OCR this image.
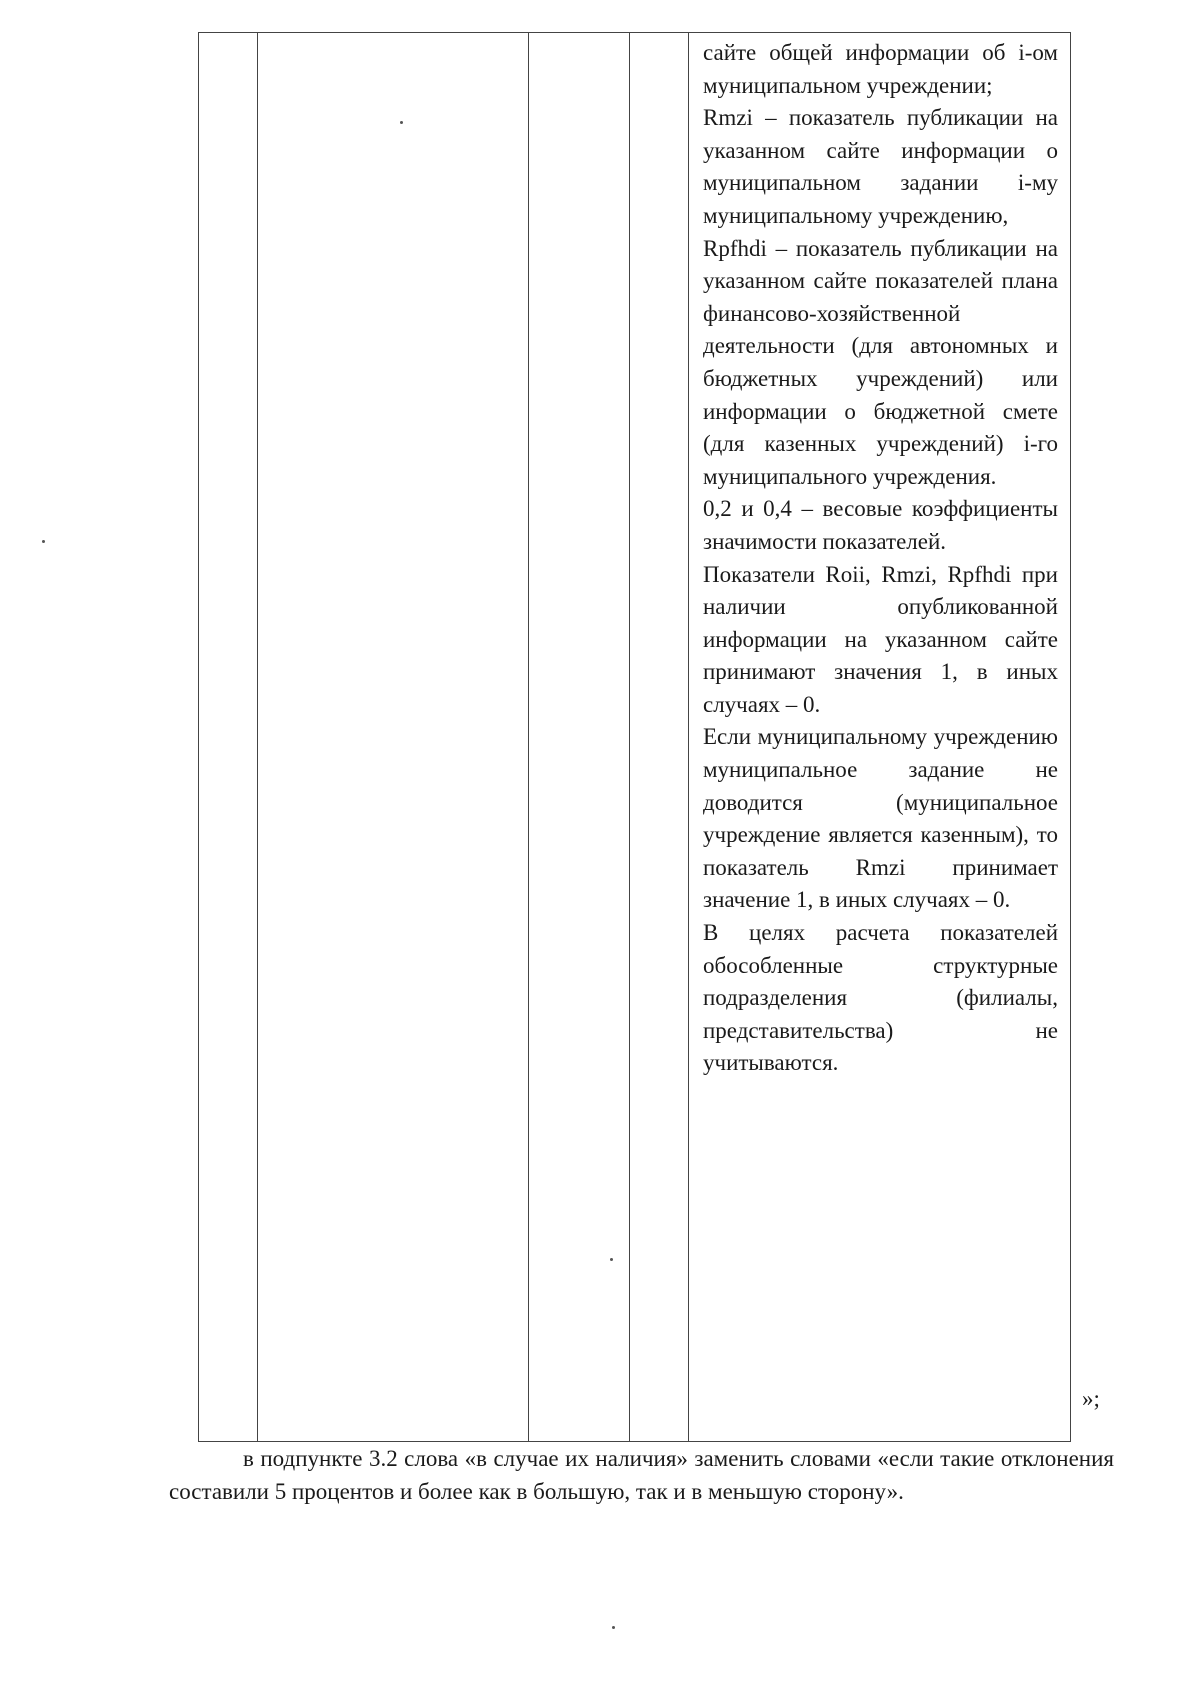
сайте общей информации об i-ом муниципальном учреждении;

Rmzi – показатель публикации на указанном сайте информации о муниципальном задании i-му муниципальному учреждению,

Rpfhdi – показатель публикации на указанном сайте показателей плана финансово-хозяйственной деятельности (для автономных и бюджетных учреждений) или информации о бюджетной смете (для казенных учреждений) i-го муниципального учреждения.

0,2 и 0,4 – весовые коэффициенты значимости показателей.

Показатели Roii, Rmzi, Rpfhdi при наличии опубликованной информации на указанном сайте принимают значения 1, в иных случаях – 0.

Если муниципальному учреждению муниципальное задание не доводится (муниципальное учреждение является казенным), то показатель Rmzi принимает значение 1, в иных случаях – 0.

В целях расчета показателей обособленные структурные подразделения (филиалы, представительства) не учитываются.

»;

в подпункте 3.2 слова «в случае их наличия» заменить словами «если такие отклонения составили 5 процентов и более как в большую, так и в меньшую сторону».
